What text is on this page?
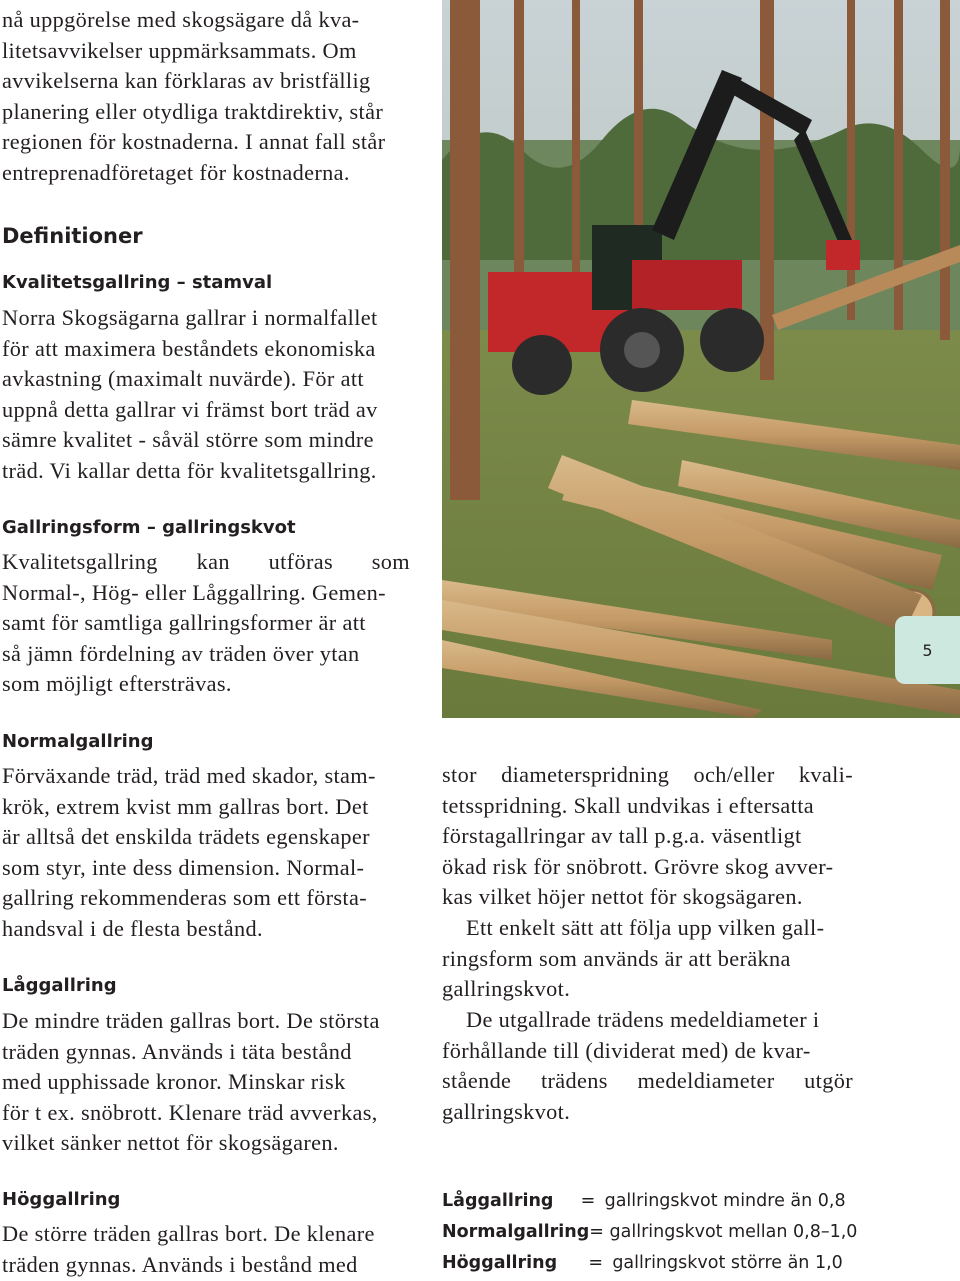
nå uppgörelse med skogsägare då kva-
litetsavvikelser uppmärksammats. Om
avvikelserna kan förklaras av bristfällig
planering eller otydliga traktdirektiv, står
regionen för kostnaderna. I annat fall står
entreprenadföretaget för kostnaderna.
Definitioner
Kvalitetsgallring – stamval
Norra Skogsägarna gallrar i normalfallet
för att maximera beståndets ekonomiska
avkastning (maximalt nuvärde). För att
uppnå detta gallrar vi främst bort träd av
sämre kvalitet - såväl större som mindre
träd. Vi kallar detta för kvalitetsgallring.
Gallringsform – gallringskvot
Kvalitetsgallring kan utföras som
Normal-, Hög- eller Låggallring. Gemen-
samt för samtliga gallringsformer är att
så jämn fördelning av träden över ytan
som möjligt eftersträvas.
Normalgallring
Förväxande träd, träd med skador, stam-
krök, extrem kvist mm gallras bort. Det
är alltså det enskilda trädets egenskaper
som styr, inte dess dimension. Normal-
gallring rekommenderas som ett första-
handsval i de flesta bestånd.
Låggallring
De mindre träden gallras bort. De största
träden gynnas. Används i täta bestånd
med upphissade kronor. Minskar risk
för t ex. snöbrott. Klenare träd avverkas,
vilket sänker nettot för skogsägaren.
Höggallring
De större träden gallras bort. De klenare
träden gynnas. Används i bestånd med
5
stor diameterspridning och/eller kvali-
tetsspridning. Skall undvikas i eftersatta
förstagallringar av tall p.g.a. väsentligt
ökad risk för snöbrott. Grövre skog avver-
kas vilket höjer nettot för skogsägaren.
Ett enkelt sätt att följa upp vilken gall-
ringsform som används är att beräkna
gallringskvot.
De utgallrade trädens medeldiameter i
förhållande till (dividerat med) de kvar-
stående trädens medeldiameter utgör
gallringskvot.
Låggallring = gallringskvot mindre än 0,8
Normalgallring= gallringskvot mellan 0,8–1,0
Höggallring = gallringskvot större än 1,0
